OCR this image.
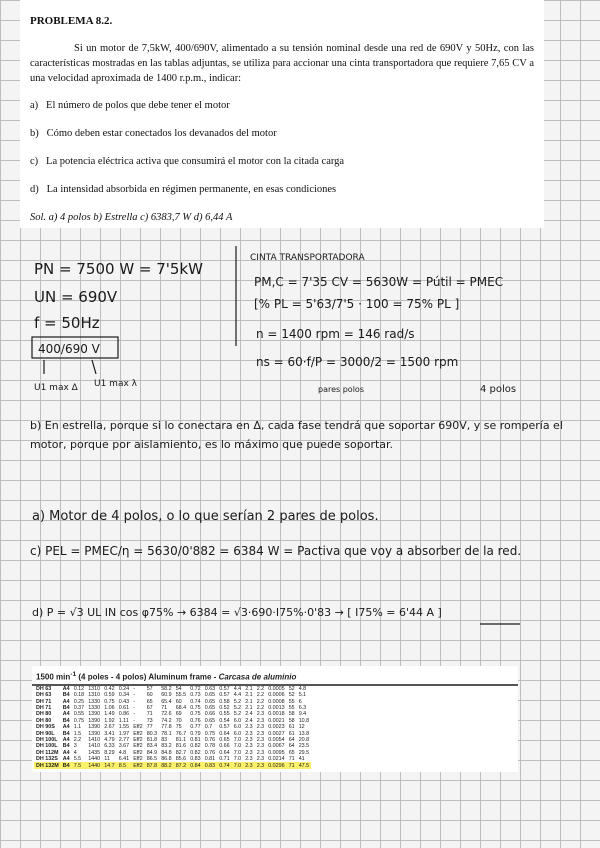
PROBLEMA 8.2.
Si un motor de 7,5kW, 400/690V, alimentado a su tensión nominal desde una red de 690V y 50Hz, con las características mostradas en las tablas adjuntas, se utiliza para accionar una cinta transportadora que requiere 7,65 CV a una velocidad aproximada de 1400 r.p.m., indicar:
a) El número de polos que debe tener el motor
b) Cómo deben estar conectados los devanados del motor
c) La potencia eléctrica activa que consumirá el motor con la citada carga
d) La intensidad absorbida en régimen permanente, en esas condiciones
Sol. a) 4 polos b) Estrella c) 6383,7 W d) 6,44 A
PN = 7500 W = 7'5kW
UN = 690V
f = 50Hz
400/690 V
U1 max Δ U1 max λ
CINTA TRANSPORTADORA
PM,C = 7'35 CV = 5630W = Pútil = PMEC
[% PL = 5'63/7'5 · 100 = 75% PL ]
n = 1400 rpm = 146 rad/s
ns = 60·f/P = 3000/2 = 1500 rpm
pares polos	4 polos
b) En estrella, porque si lo conectara en Δ, cada fase tendrá que soportar 690V, y se rompería el motor, porque por aislamiento, es lo máximo que puede soportar.
a) Motor de 4 polos, o lo que serían 2 pares de polos.
c) PEL = PMEC/η = 5630/0'882 = 6384 W = Pactiva que voy a absorber de la red.
d) P = √3 UL IN cos φ75% → 6384 = √3·690·I75%·0'83 → [ I75% = 6'44 A ]
1500 $\min^{-1} (4$ poles - 4 polos) Aluminum frame - Carcasa de aluminio
DH 63	A4	0.12	1310	0.42	0.24	-	57	58.2	54	0.72	0.63	0.57	4.4	2.1	2.2	0.0005	52	4.8
DH 63	B4	0.18	1310	0.59	0.34	-	60	60.9	55.5	0.73	0.65	0.57	4.4	2.1	2.2	0.0006	52	5.1
DH 71	A4	0.25	1330	0.75	0.43	-	65	65.4	60	0.74	0.65	0.58	5.2	2.1	2.2	0.0008	55	6
DH 71	B4	0.37	1330	1.06	0.61	-	67	71	68.4	0.75	0.65	0.52	5.2	2.1	2.2	0.0013	55	6.3
DH 80	A4	0.55	1390	1.49	0.86	-	71	72.6	69	0.75	0.66	0.55	5.2	2.4	2.3	0.0018	58	9.4
DH 80	B4	0.75	1390	1.92	1.11	-	73	74.2	70	0.76	0.65	0.54	6.0	2.4	2.3	0.0021	58	10.8
DH 90S	A4	1.1	1390	2.67	1.55	Eff2	77	77.8	75	0.77	0.7	0.57	6.0	2.3	2.3	0.0023	61	12
DH 90L	B4	1.5	1390	3.41	1.97	Eff2	80.3	78.1	76.7	0.79	0.75	0.64	6.0	2.3	2.3	0.0027	61	13.8
DH 100L	A4	2.2	1410	4.79	2.77	Eff2	81.8	83	81.1	0.81	0.76	0.65	7.0	2.3	2.3	0.0054	64	20.8
DH 100L	B4	3	1410	6.33	3.67	Eff2	83.4	83.2	81.6	0.82	0.78	0.66	7.0	2.3	2.3	0.0067	64	23.5
DH 112M	A4	4	1435	8.29	4.8	Eff2	84.9	84.8	82.7	0.82	0.76	0.64	7.0	2.3	2.3	0.0095	65	29.5
DH 132S	A4	5.5	1440	11	6.41	Eff2	86.5	86.8	85.6	0.83	0.81	0.71	7.0	2.3	2.3	0.0214	71	41
DH 132M	B4	7.5	1440	14.7	8.5	Eff2	87.8	88.2	87.2	0.84	0.83	0.74	7.0	2.3	2.3	0.0296	71	47.5
